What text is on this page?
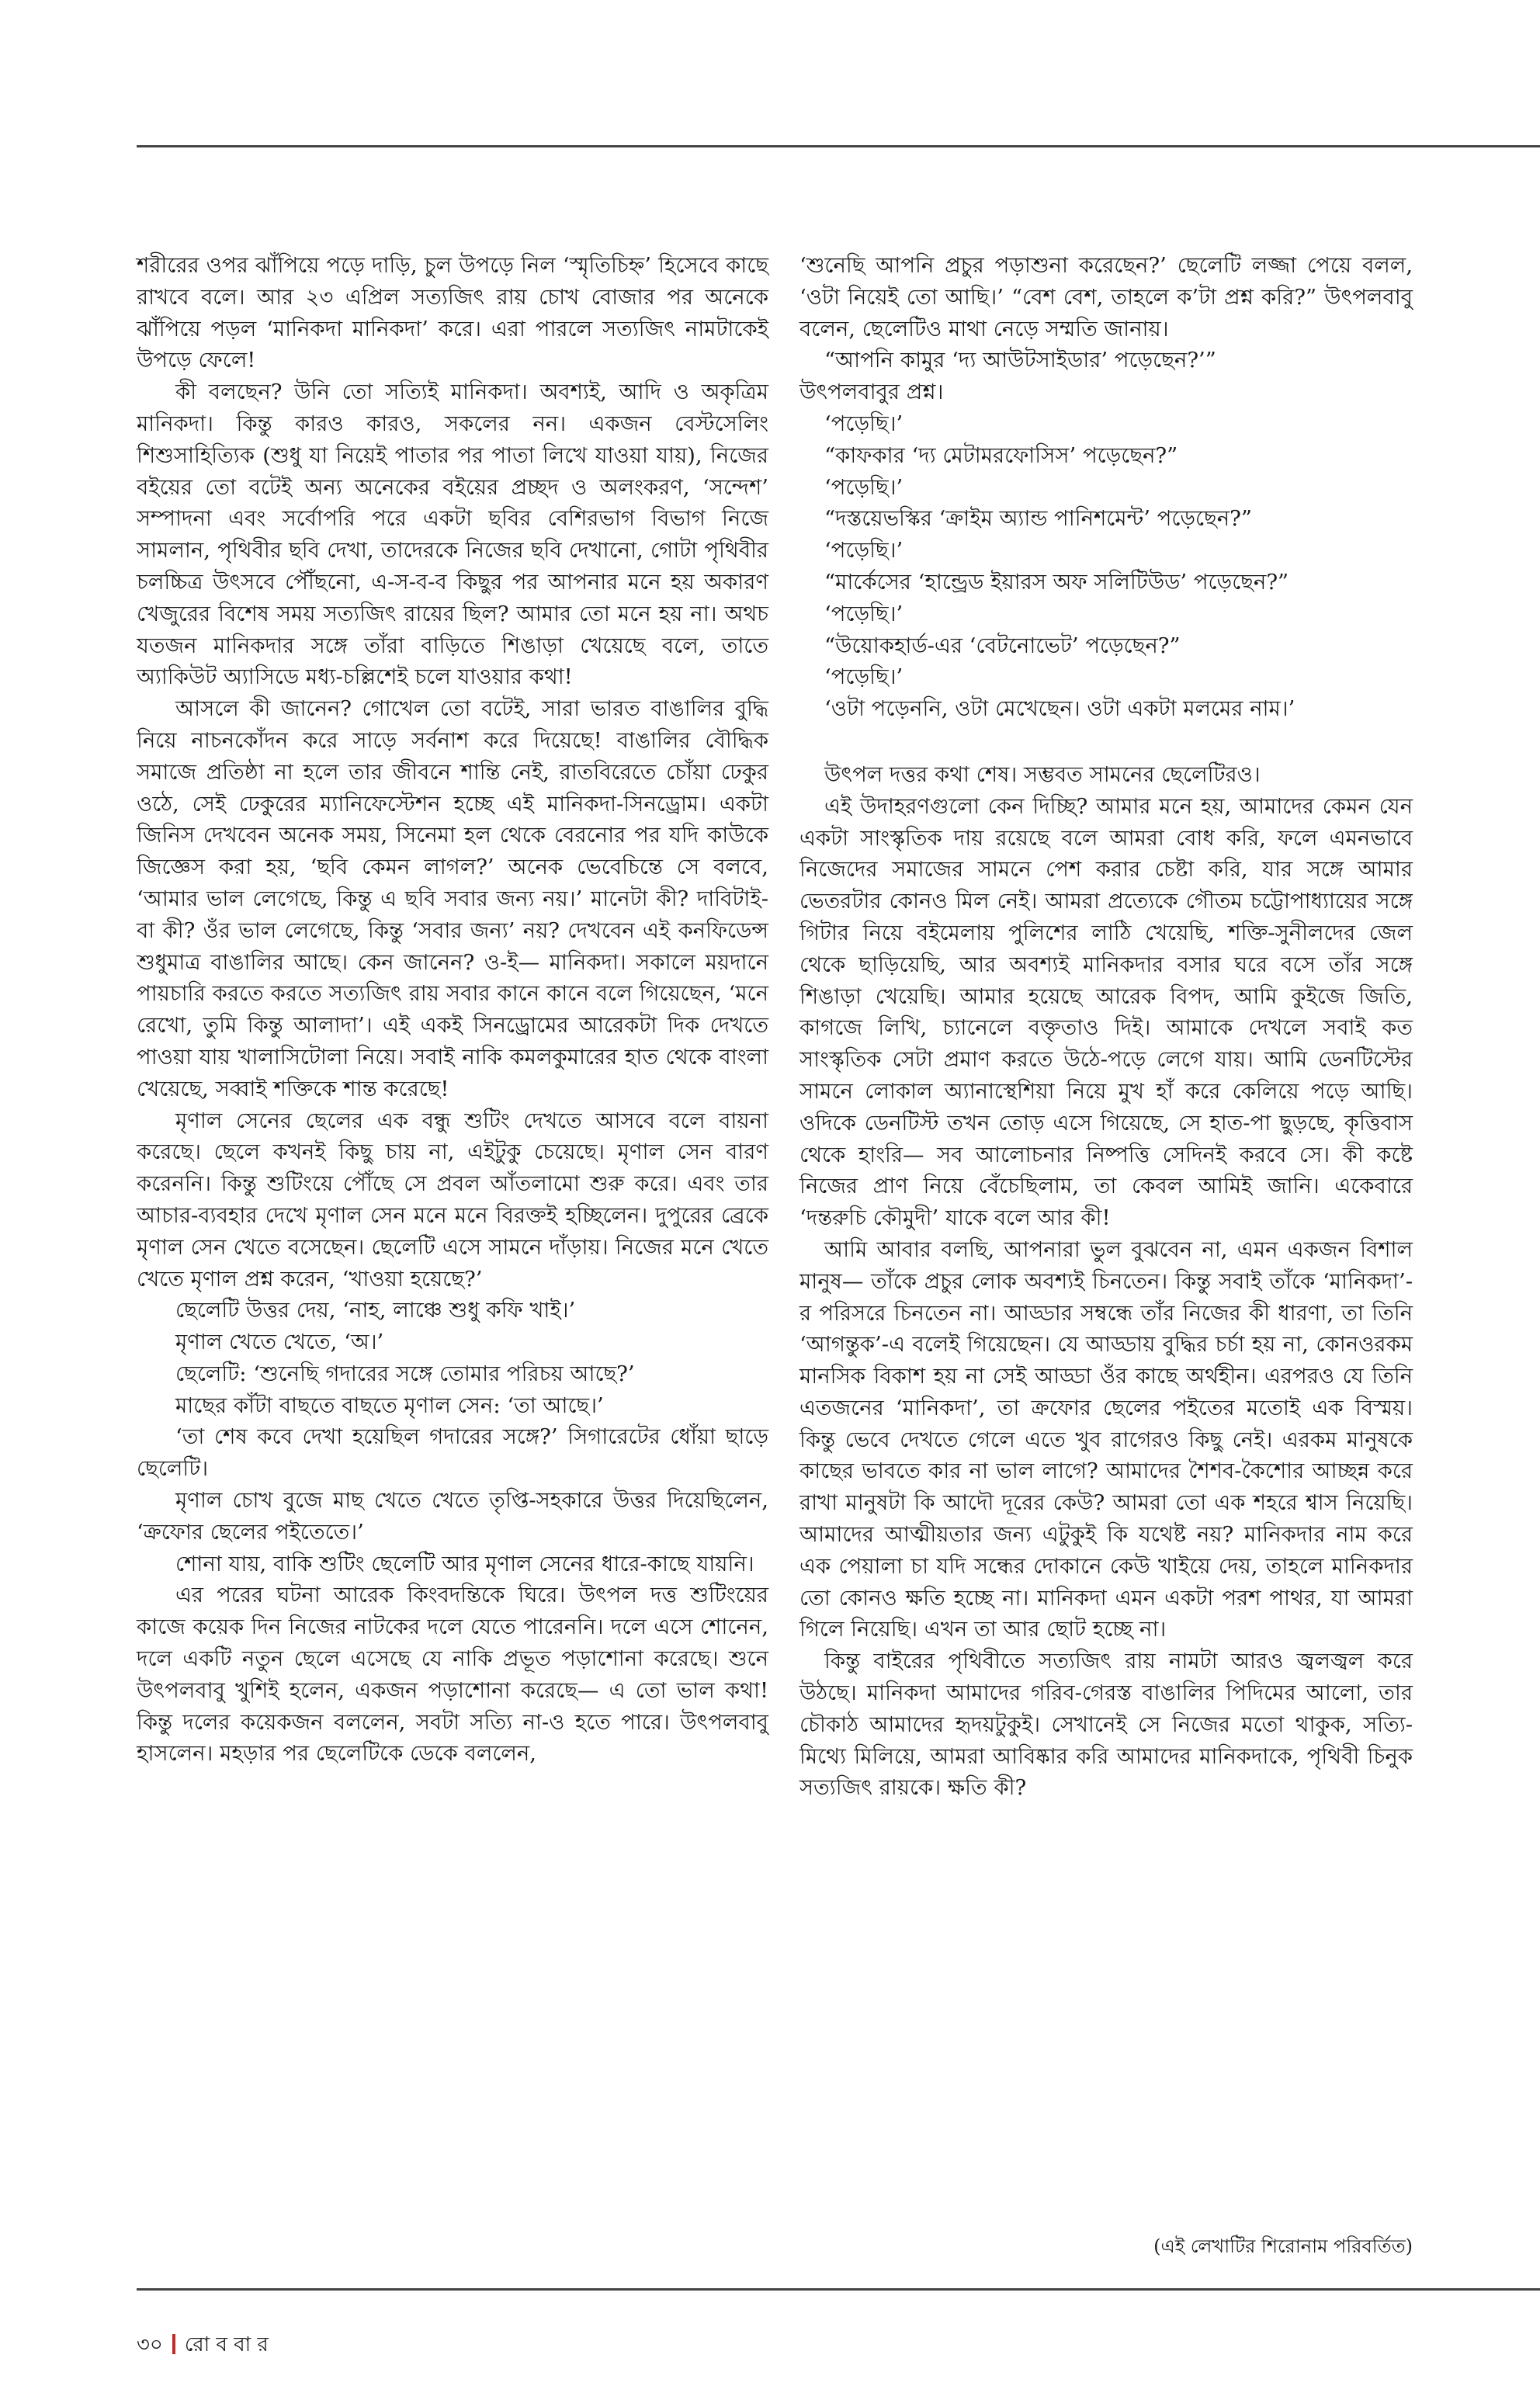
শরীরের ওপর ঝাঁপিয়ে পড়ে দাড়ি, চুল উপড়ে নিল ‘স্মৃতিচিহ্ন’ হিসেবে কাছে রাখবে বলে। আর ২৩ এপ্রিল সত্যজিৎ রায় চোখ বোজার পর অনেকে ঝাঁপিয়ে পড়ল ‘মানিকদা মানিকদা’ করে। এরা পারলে সত্যজিৎ নামটাকেই উপড়ে ফেলে!

কী বলছেন? উনি তো সত্যিই মানিকদা। অবশ্যই, আদি ও অকৃত্রিম মানিকদা। কিন্তু কারও কারও, সকলের নন। একজন বেস্টসেলিং শিশুসাহিত্যিক (শুধু যা নিয়েই পাতার পর পাতা লিখে যাওয়া যায়), নিজের বইয়ের তো বটেই অন্য অনেকের বইয়ের প্রচ্ছদ ও অলংকরণ, ‘সন্দেশ’ সম্পাদনা এবং সর্বোপরি পরে একটা ছবির বেশিরভাগ বিভাগ নিজে সামলান, পৃথিবীর ছবি দেখা, তাদেরকে নিজের ছবি দেখানো, গোটা পৃথিবীর চলচ্চিত্র উৎসবে পৌঁছনো, এ-স-ব-ব কিছুর পর আপনার মনে হয় অকারণ খেজুরের বিশেষ সময় সত্যজিৎ রায়ের ছিল? আমার তো মনে হয় না। অথচ যতজন মানিকদার সঙ্গে তাঁরা বাড়িতে শিঙাড়া খেয়েছে বলে, তাতে অ্যাকিউট অ্যাসিডে মধ্য-চল্লিশেই চলে যাওয়ার কথা!

আসলে কী জানেন? গোখেল তো বটেই, সারা ভারত বাঙালির বুদ্ধি নিয়ে নাচনকোঁদন করে সাড়ে সর্বনাশ করে দিয়েছে! বাঙালির বৌদ্ধিক সমাজে প্রতিষ্ঠা না হলে তার জীবনে শান্তি নেই, রাতবিরেতে চোঁয়া ঢেকুর ওঠে, সেই ঢেকুরের ম্যানিফেস্টেশন হচ্ছে এই মানিকদা-সিনড্রোম। একটা জিনিস দেখবেন অনেক সময়, সিনেমা হল থেকে বেরনোর পর যদি কাউকে জিজ্ঞেস করা হয়, ‘ছবি কেমন লাগল?’ অনেক ভেবেচিন্তে সে বলবে, ‘আমার ভাল লেগেছে, কিন্তু এ ছবি সবার জন্য নয়।’ মানেটা কী? দাবিটাই-বা কী? ওঁর ভাল লেগেছে, কিন্তু ‘সবার জন্য’ নয়? দেখবেন এই কনফিডেন্স শুধুমাত্র বাঙালির আছে। কেন জানেন? ও-ই— মানিকদা। সকালে ময়দানে পায়চারি করতে করতে সত্যজিৎ রায় সবার কানে কানে বলে গিয়েছেন, ‘মনে রেখো, তুমি কিন্তু আলাদা’। এই একই সিনড্রোমের আরেকটা দিক দেখতে পাওয়া যায় খালাসিটোলা নিয়ে। সবাই নাকি কমলকুমারের হাত থেকে বাংলা খেয়েছে, সব্বাই শক্তিকে শান্ত করেছে!

মৃণাল সেনের ছেলের এক বন্ধু শুটিং দেখতে আসবে বলে বায়না করেছে। ছেলে কখনই কিছু চায় না, এইটুকু চেয়েছে। মৃণাল সেন বারণ করেননি। কিন্তু শুটিংয়ে পৌঁছে সে প্রবল আঁতলামো শুরু করে। এবং তার আচার-ব্যবহার দেখে মৃণাল সেন মনে মনে বিরক্তই হচ্ছিলেন। দুপুরের ব্রেকে মৃণাল সেন খেতে বসেছেন। ছেলেটি এসে সামনে দাঁড়ায়। নিজের মনে খেতে খেতে মৃণাল প্রশ্ন করেন, ‘খাওয়া হয়েছে?’

ছেলেটি উত্তর দেয়, ‘নাহ, লাঞ্চে শুধু কফি খাই।’

মৃণাল খেতে খেতে, ‘অ।’

ছেলেটি: ‘শুনেছি গদারের সঙ্গে তোমার পরিচয় আছে?’

মাছের কাঁটা বাছতে বাছতে মৃণাল সেন: ‘তা আছে।’

‘তা শেষ কবে দেখা হয়েছিল গদারের সঙ্গে?’ সিগারেটের ধোঁয়া ছাড়ে ছেলেটি।

মৃণাল চোখ বুজে মাছ খেতে খেতে তৃপ্তি-সহকারে উত্তর দিয়েছিলেন, ‘ক্রফোর ছেলের পইতেতে।’

শোনা যায়, বাকি শুটিং ছেলেটি আর মৃণাল সেনের ধারে-কাছে যায়নি।

এর পরের ঘটনা আরেক কিংবদন্তিকে ঘিরে। উৎপল দত্ত শুটিংয়ের কাজে কয়েক দিন নিজের নাটকের দলে যেতে পারেননি। দলে এসে শোনেন, দলে একটি নতুন ছেলে এসেছে যে নাকি প্রভূত পড়াশোনা করেছে। শুনে উৎপলবাবু খুশিই হলেন, একজন পড়াশোনা করেছে— এ তো ভাল কথা! কিন্তু দলের কয়েকজন বললেন, সবটা সত্যি না-ও হতে পারে। উৎপলবাবু হাসলেন। মহড়ার পর ছেলেটিকে ডেকে বললেন,

‘শুনেছি আপনি প্রচুর পড়াশুনা করেছেন?’ ছেলেটি লজ্জা পেয়ে বলল, ‘ওটা নিয়েই তো আছি।’ “বেশ বেশ, তাহলে ক’টা প্রশ্ন করি?” উৎপলবাবু বলেন, ছেলেটিও মাথা নেড়ে সম্মতি জানায়।

“আপনি কামুর ‘দ্য আউটসাইডার’ পড়েছেন?’”

উৎপলবাবুর প্রশ্ন।

‘পড়েছি।’

“কাফকার ‘দ্য মেটামরফোসিস’ পড়েছেন?”

‘পড়েছি।’

“দস্তয়েভস্কির ‘ক্রাইম অ্যান্ড পানিশমেন্ট’ পড়েছেন?”

‘পড়েছি।’

“মার্কেসের ‘হান্ড্রেড ইয়ারস অফ সলিটিউড’ পড়েছেন?”

‘পড়েছি।’

“উয়োকহার্ড-এর ‘বেটনোভেট’ পড়েছেন?”

‘পড়েছি।’

‘ওটা পড়েননি, ওটা মেখেছেন। ওটা একটা মলমের নাম।’

উৎপল দত্তর কথা শেষ। সম্ভবত সামনের ছেলেটিরও।

এই উদাহরণগুলো কেন দিচ্ছি? আমার মনে হয়, আমাদের কেমন যেন একটা সাংস্কৃতিক দায় রয়েছে বলে আমরা বোধ করি, ফলে এমনভাবে নিজেদের সমাজের সামনে পেশ করার চেষ্টা করি, যার সঙ্গে আমার ভেতরটার কোনও মিল নেই। আমরা প্রত্যেকে গৌতম চট্টোপাধ্যায়ের সঙ্গে গিটার নিয়ে বইমেলায় পুলিশের লাঠি খেয়েছি, শক্তি-সুনীলদের জেল থেকে ছাড়িয়েছি, আর অবশ্যই মানিকদার বসার ঘরে বসে তাঁর সঙ্গে শিঙাড়া খেয়েছি। আমার হয়েছে আরেক বিপদ, আমি কুইজে জিতি, কাগজে লিখি, চ্যানেলে বক্তৃতাও দিই। আমাকে দেখলে সবাই কত সাংস্কৃতিক সেটা প্রমাণ করতে উঠে-পড়ে লেগে যায়। আমি ডেনটিস্টের সামনে লোকাল অ্যানাস্থেশিয়া নিয়ে মুখ হাঁ করে কেলিয়ে পড়ে আছি। ওদিকে ডেনটিস্ট তখন তোড় এসে গিয়েছে, সে হাত-পা ছুড়ছে, কৃত্তিবাস থেকে হাংরি— সব আলোচনার নিষ্পত্তি সেদিনই করবে সে। কী কষ্টে নিজের প্রাণ নিয়ে বেঁচেছিলাম, তা কেবল আমিই জানি। একেবারে ‘দন্তরুচি কৌমুদী’ যাকে বলে আর কী!

আমি আবার বলছি, আপনারা ভুল বুঝবেন না, এমন একজন বিশাল মানুষ— তাঁকে প্রচুর লোক অবশ্যই চিনতেন। কিন্তু সবাই তাঁকে ‘মানিকদা’-র পরিসরে চিনতেন না। আড্ডার সম্বন্ধে তাঁর নিজের কী ধারণা, তা তিনি ‘আগন্তুক’-এ বলেই গিয়েছেন। যে আড্ডায় বুদ্ধির চর্চা হয় না, কোনওরকম মানসিক বিকাশ হয় না সেই আড্ডা ওঁর কাছে অর্থহীন। এরপরও যে তিনি এতজনের ‘মানিকদা’, তা ক্রফোর ছেলের পইতের মতোই এক বিস্ময়। কিন্তু ভেবে দেখতে গেলে এতে খুব রাগেরও কিছু নেই। এরকম মানুষকে কাছের ভাবতে কার না ভাল লাগে? আমাদের শৈশব-কৈশোর আচ্ছন্ন করে রাখা মানুষটা কি আদৌ দূরের কেউ? আমরা তো এক শহরে শ্বাস নিয়েছি। আমাদের আত্মীয়তার জন্য এটুকুই কি যথেষ্ট নয়? মানিকদার নাম করে এক পেয়ালা চা যদি সন্ধের দোকানে কেউ খাইয়ে দেয়, তাহলে মানিকদার তো কোনও ক্ষতি হচ্ছে না। মানিকদা এমন একটা পরশ পাথর, যা আমরা গিলে নিয়েছি। এখন তা আর ছোট হচ্ছে না।

কিন্তু বাইরের পৃথিবীতে সত্যজিৎ রায় নামটা আরও জ্বলজ্বল করে উঠছে। মানিকদা আমাদের গরিব-গেরস্ত বাঙালির পিদিমের আলো, তার চৌকাঠ আমাদের হৃদয়টুকুই। সেখানেই সে নিজের মতো থাকুক, সত্যি-মিথ্যে মিলিয়ে, আমরা আবিষ্কার করি আমাদের মানিকদাকে, পৃথিবী চিনুক সত্যজিৎ রায়কে। ক্ষতি কী?

(এই লেখাটির শিরোনাম পরিবর্তিত)
৩০ রো ব বা র
